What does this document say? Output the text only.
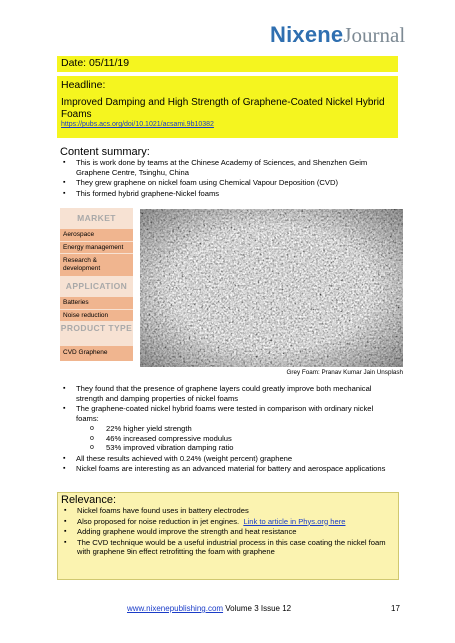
NixeneJournal
Date: 05/11/19
Headline:
Improved Damping and High Strength of Graphene-Coated Nickel Hybrid Foams
https://pubs.acs.org/doi/10.1021/acsami.9b10382
Content summary:
▪ This is work done by teams at the Chinese Academy of Sciences, and Shenzhen Geim Graphene Centre, Tsinghu, China
▪ They grew graphene on nickel foam using Chemical Vapour Deposition (CVD)
▪ This formed hybrid graphene-Nickel foams
MARKET
Aerospace
Energy management
Research & development
APPLICATION
Batteries
Noise reduction
PRODUCT TYPE
CVD Graphene
Grey Foam: Pranav Kumar Jain Unsplash
▪ They found that the presence of graphene layers could greatly improve both mechanical strength and damping properties of nickel foams
▪ The graphene-coated nickel hybrid foams were tested in comparison with ordinary nickel foams:
o 22% higher yield strength
o 46% increased compressive modulus
o 53% improved vibration damping ratio
▪ All these results achieved with 0.24% (weight percent) graphene
▪ Nickel foams are interesting as an advanced material for battery and aerospace applications
Relevance:
▪ Nickel foams have found uses in battery electrodes
▪ Also proposed for noise reduction in jet engines. Link to article in Phys.org here
▪ Adding graphene would improve the strength and heat resistance
▪ The CVD technique would be a useful industrial process in this case coating the nickel foam with graphene 9in effect retrofitting the foam with graphene
www.nixenepublishing.com Volume 3 Issue 12	17
